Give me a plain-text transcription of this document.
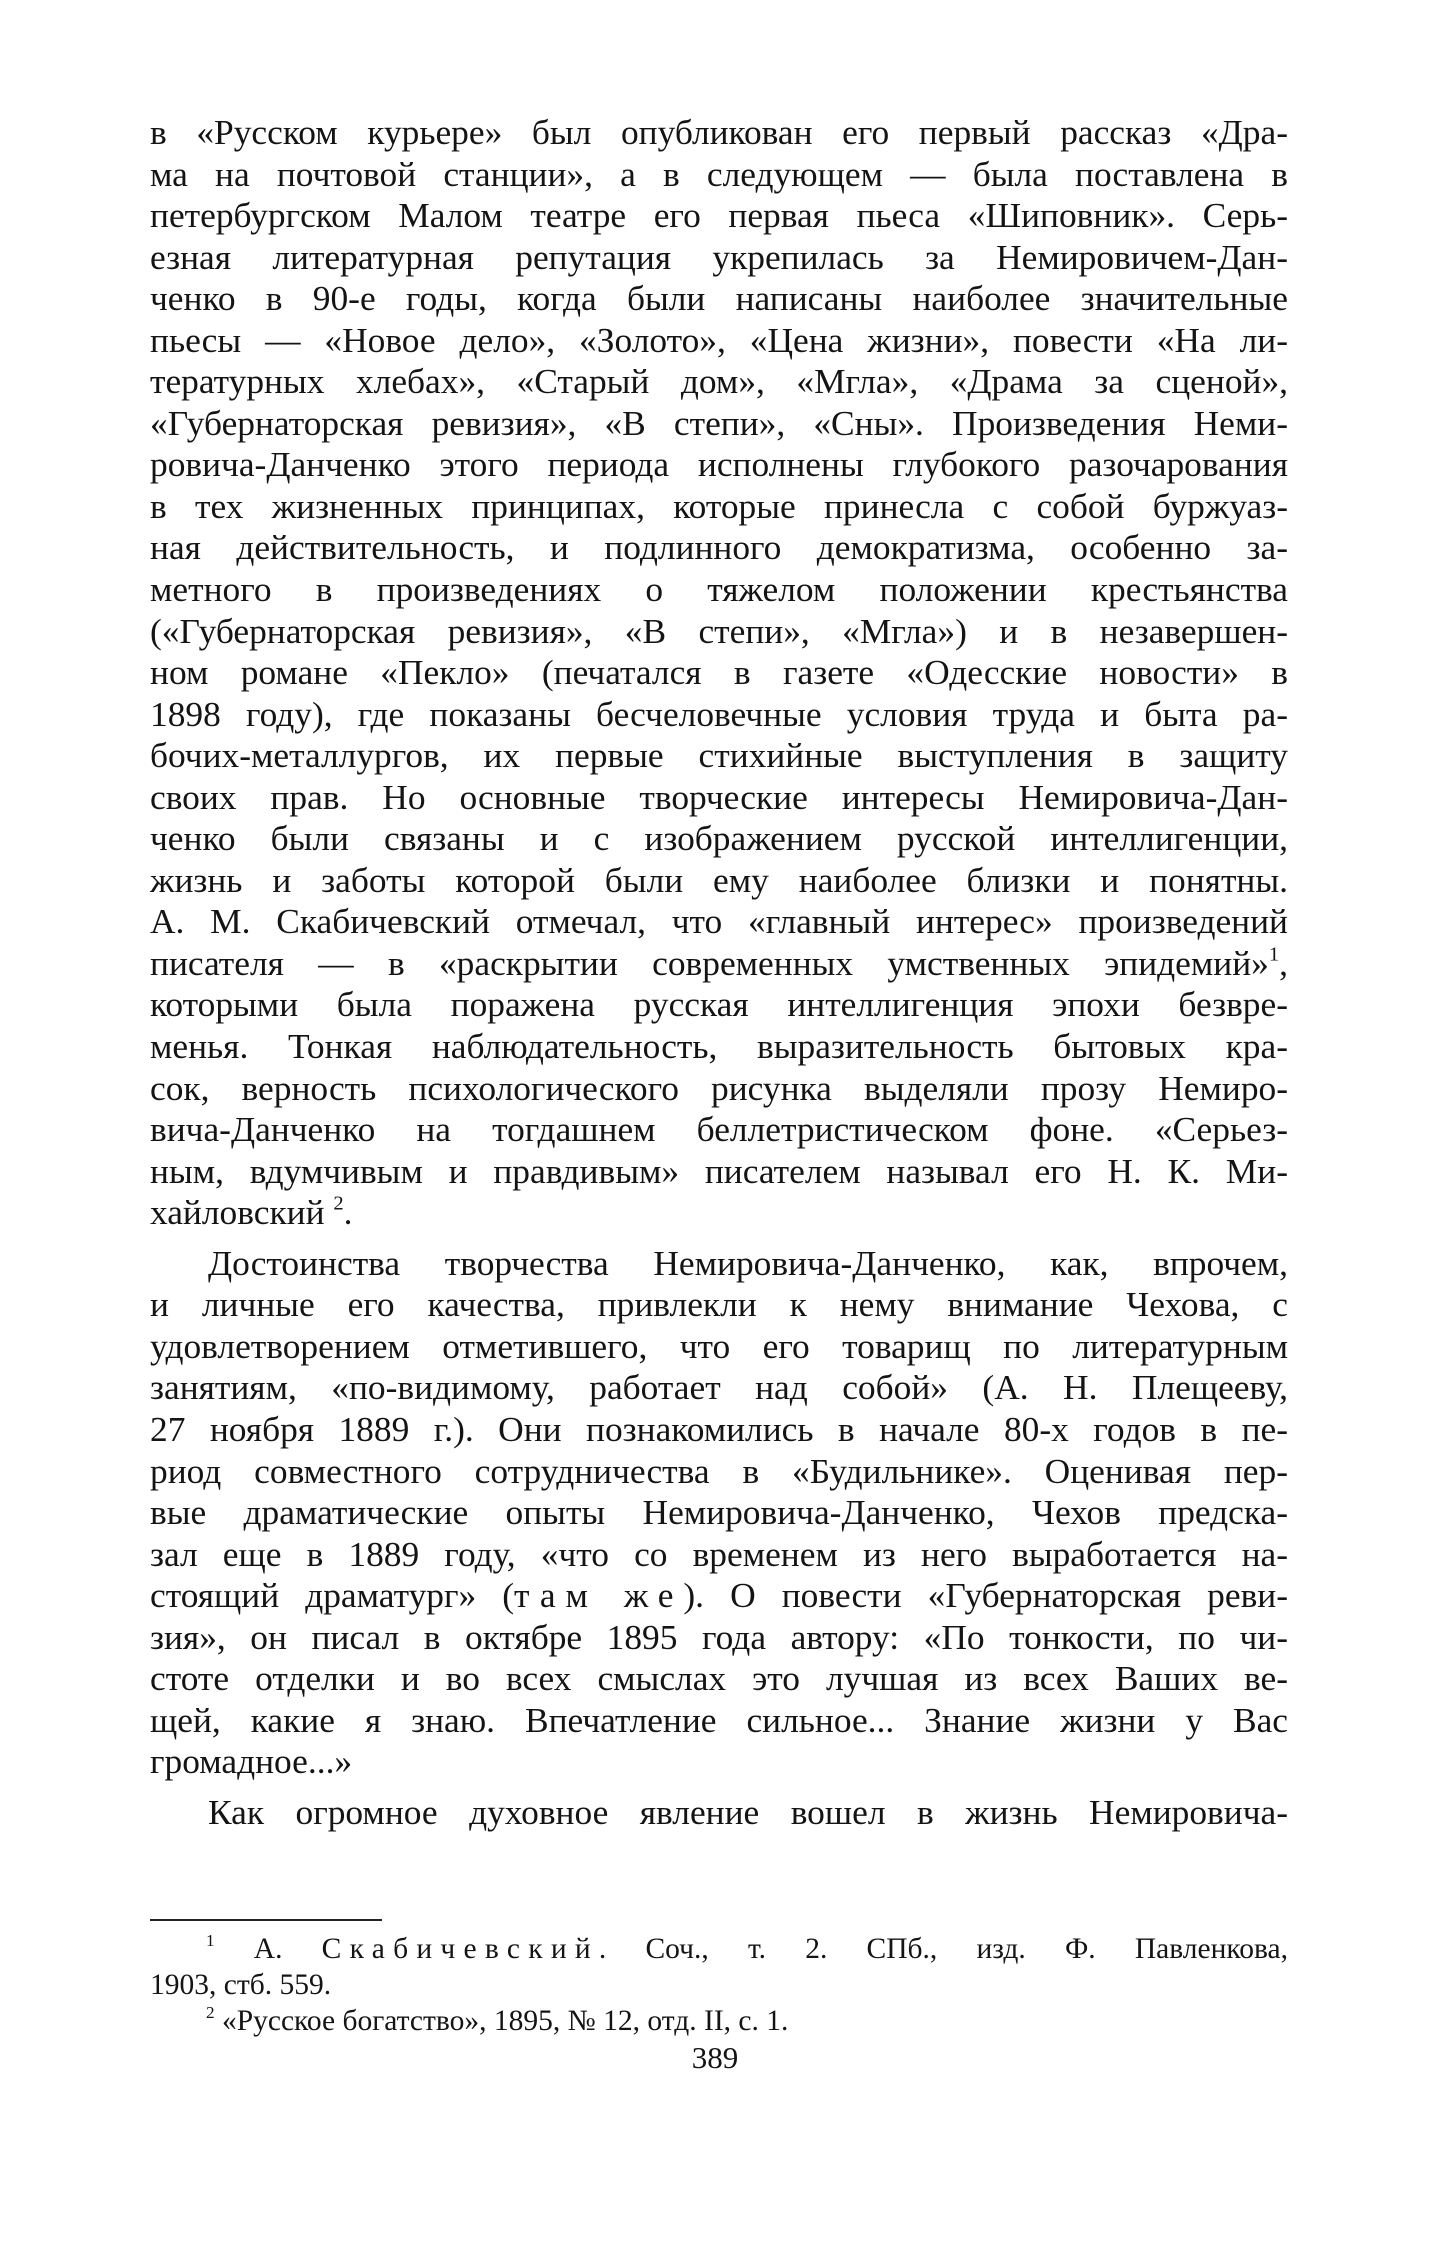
в «Русском курьере» был опубликован его первый рассказ «Дра-
ма на почтовой станции», а в следующем — была поставлена в
петербургском Малом театре его первая пьеса «Шиповник». Серь-
езная литературная репутация укрепилась за Немировичем-Дан-
ченко в 90-е годы, когда были написаны наиболее значительные
пьесы — «Новое дело», «Золото», «Цена жизни», повести «На ли-
тературных хлебах», «Старый дом», «Мгла», «Драма за сценой»,
«Губернаторская ревизия», «В степи», «Сны». Произведения Неми-
ровича-Данченко этого периода исполнены глубокого разочарования
в тех жизненных принципах, которые принесла с собой буржуаз-
ная действительность, и подлинного демократизма, особенно за-
метного в произведениях о тяжелом положении крестьянства
(«Губернаторская ревизия», «В степи», «Мгла») и в незавершен-
ном романе «Пекло» (печатался в газете «Одесские новости» в
1898 году), где показаны бесчеловечные условия труда и быта ра-
бочих-металлургов, их первые стихийные выступления в защиту
своих прав. Но основные творческие интересы Немировича-Дан-
ченко были связаны и с изображением русской интеллигенции,
жизнь и заботы которой были ему наиболее близки и понятны.
А. М. Скабичевский отмечал, что «главный интерес» произведений
писателя — в «раскрытии современных умственных эпидемий»$^1$,
которыми была поражена русская интеллигенция эпохи безвре-
менья. Тонкая наблюдательность, выразительность бытовых кра-
сок, верность психологического рисунка выделяли прозу Немиро-
вича-Данченко на тогдашнем беллетристическом фоне. «Серьез-
ным, вдумчивым и правдивым» писателем называл его Н. К. Ми-
хайловский $^2$.
Достоинства творчества Немировича-Данченко, как, впрочем,
и личные его качества, привлекли к нему внимание Чехова, с
удовлетворением отметившего, что его товарищ по литературным
занятиям, «по-видимому, работает над собой» (А. Н. Плещееву,
27 ноября 1889 г.). Они познакомились в начале 80-х годов в пе-
риод совместного сотрудничества в «Будильнике». Оценивая пер-
вые драматические опыты Немировича-Данченко, Чехов предска-
зал еще в 1889 году, «что со временем из него выработается на-
стоящий драматург» (там же). О повести «Губернаторская реви-
зия», он писал в октябре 1895 года автору: «По тонкости, по чи-
стоте отделки и во всех смыслах это лучшая из всех Ваших ве-
щей, какие я знаю. Впечатление сильное... Знание жизни у Вас
громадное...»
Как огромное духовное явление вошел в жизнь Немировича-
$^1$ А. Скабичевский. Соч., т. 2. СПб., изд. Ф. Павленкова,
1903, стб. 559.
$^2$ «Русское богатство», 1895, № 12, отд. II, с. 1.
389
